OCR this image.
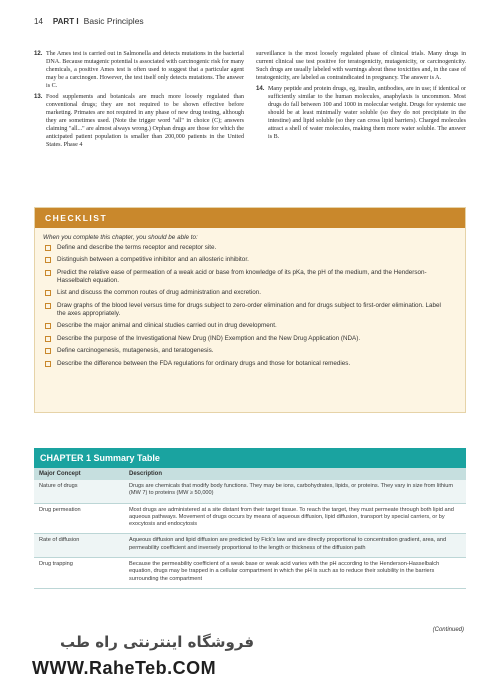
14 PART I Basic Principles
12. The Ames test is carried out in Salmonella and detects mutations in the bacterial DNA. Because mutagenic potential is associated with carcinogenic risk for many chemicals, a positive Ames test is often used to suggest that a particular agent may be a carcinogen. However, the test itself only detects mutations. The answer is C.
13. Food supplements and botanicals are much more loosely regulated than conventional drugs; they are not required to be shown effective before marketing. Primates are not required in any phase of new drug testing, although they are sometimes used. (Note the trigger word "all" in choice (C); answers claiming "all..." are almost always wrong.) Orphan drugs are those for which the anticipated patient population is smaller than 200,000 patients in the United States. Phase 4
surveillance is the most loosely regulated phase of clinical trials. Many drugs in current clinical use test positive for teratogenicity, mutagenicity, or carcinogenicity. Such drugs are usually labeled with warnings about these toxicities and, in the case of teratogenicity, are labeled as contraindicated in pregnancy. The answer is A.
14. Many peptide and protein drugs, eg, insulin, antibodies, are in use; if identical or sufficiently similar to the human molecules, anaphylaxis is uncommon. Most drugs do fall between 100 and 1000 in molecular weight. Drugs for systemic use should be at least minimally water soluble (so they do not precipitate in the intestine) and lipid soluble (so they can cross lipid barriers). Charged molecules attract a shell of water molecules, making them more water soluble. The answer is B.
CHECKLIST
When you complete this chapter, you should be able to:
Define and describe the terms receptor and receptor site.
Distinguish between a competitive inhibitor and an allosteric inhibitor.
Predict the relative ease of permeation of a weak acid or base from knowledge of its pKa, the pH of the medium, and the Henderson-Hasselbalch equation.
List and discuss the common routes of drug administration and excretion.
Draw graphs of the blood level versus time for drugs subject to zero-order elimination and for drugs subject to first-order elimination. Label the axes appropriately.
Describe the major animal and clinical studies carried out in drug development.
Describe the purpose of the Investigational New Drug (IND) Exemption and the New Drug Application (NDA).
Define carcinogenesis, mutagenesis, and teratogenesis.
Describe the difference between the FDA regulations for ordinary drugs and those for botanical remedies.
CHAPTER 1 Summary Table
Major Concept	Description
Nature of drugs	Drugs are chemicals that modify body functions. They may be ions, carbohydrates, lipids, or proteins. They vary in size from lithium (MW 7) to proteins (MW ≥ 50,000)
Drug permeation	Most drugs are administered at a site distant from their target tissue. To reach the target, they must permeate through both lipid and aqueous pathways. Movement of drugs occurs by means of aqueous diffusion, lipid diffusion, transport by special carriers, or by exocytosis and endocytosis
Rate of diffusion	Aqueous diffusion and lipid diffusion are predicted by Fick's law and are directly proportional to concentration gradient, area, and permeability coefficient and inversely proportional to the length or thickness of the diffusion path
Drug trapping	Because the permeability coefficient of a weak base or weak acid varies with the pH according to the Henderson-Hasselbalch equation, drugs may be trapped in a cellular compartment in which the pH is such as to reduce their solubility in the barriers surrounding the compartment
(Continued)
فروشگاه اینترنتی راه طب
WWW.RaheTeb.COM
